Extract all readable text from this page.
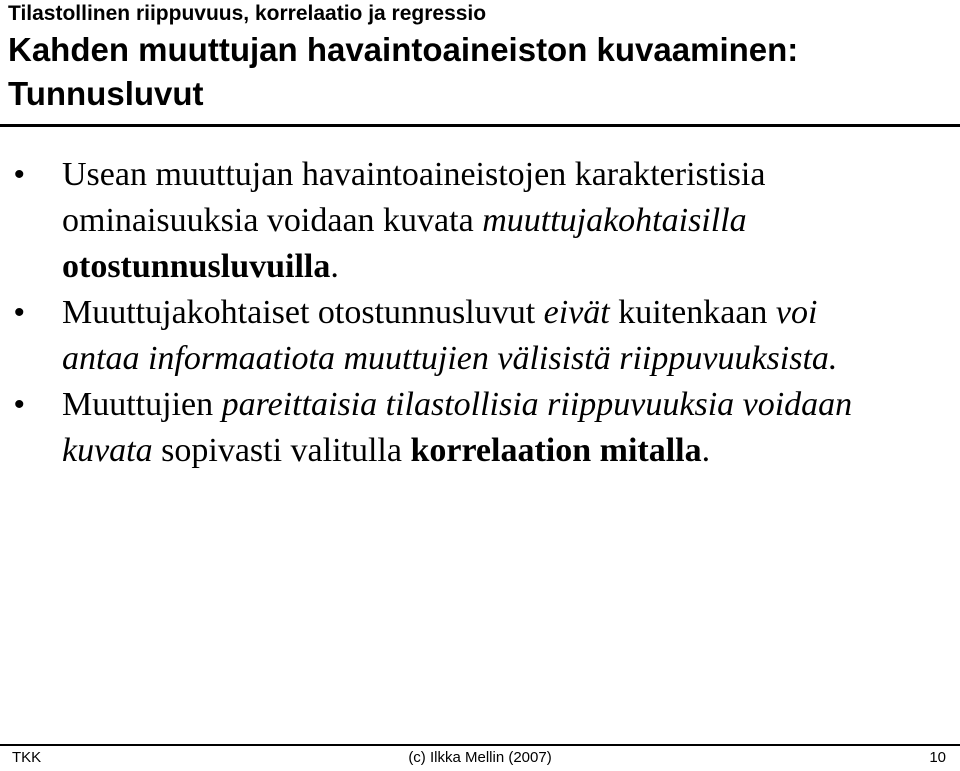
Tilastollinen riippuvuus, korrelaatio ja regressio
Kahden muuttujan havaintoaineiston kuvaaminen:
Tunnusluvut
• Usean muuttujan havaintoaineistojen karakteristisia
ominaisuuksia voidaan kuvata muuttujakohtaisilla
otostunnusluvuilla.
• Muuttujakohtaiset otostunnusluvut eivät kuitenkaan voi
antaa informaatiota muuttujien välisistä riippuvuuksista.
• Muuttujien pareittaisia tilastollisia riippuvuuksia voidaan
kuvata sopivasti valitulla korrelaation mitalla.
TKK	(c) Ilkka Mellin (2007)	10
